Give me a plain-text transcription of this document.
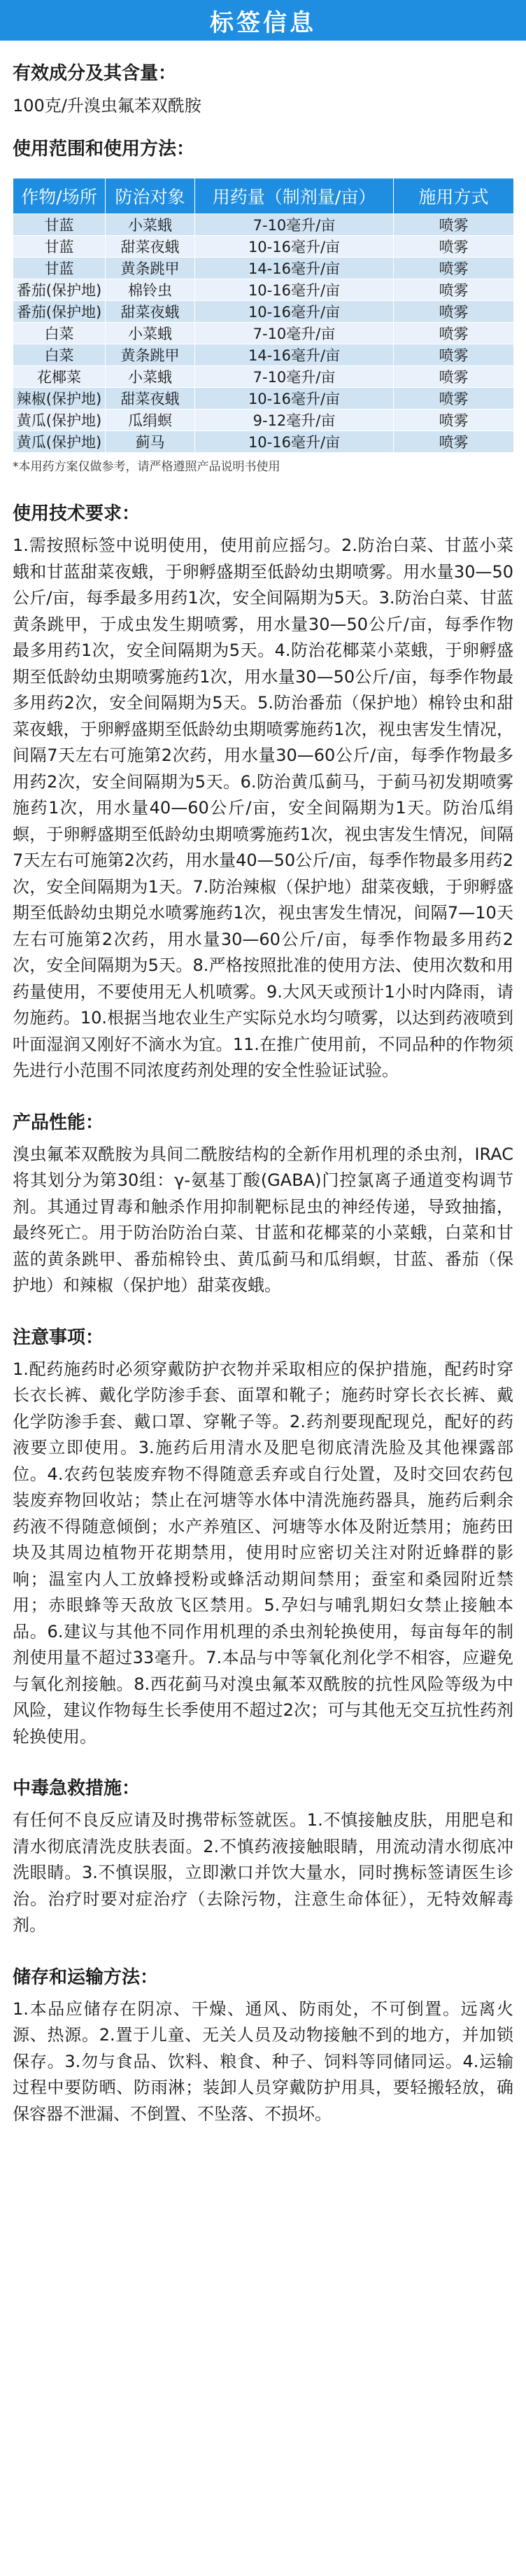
标签信息
有效成分及其含量：
100克/升溴虫氟苯双酰胺
使用范围和使用方法：
作物/场所	防治对象	用药量（制剂量/亩）	施用方式
甘蓝	小菜蛾	7-10毫升/亩	喷雾
甘蓝	甜菜夜蛾	10-16毫升/亩	喷雾
甘蓝	黄条跳甲	14-16毫升/亩	喷雾
番茄(保护地)	棉铃虫	10-16毫升/亩	喷雾
番茄(保护地)	甜菜夜蛾	10-16毫升/亩	喷雾
白菜	小菜蛾	7-10毫升/亩	喷雾
白菜	黄条跳甲	14-16毫升/亩	喷雾
花椰菜	小菜蛾	7-10毫升/亩	喷雾
辣椒(保护地)	甜菜夜蛾	10-16毫升/亩	喷雾
黄瓜(保护地)	瓜绢螟	9-12毫升/亩	喷雾
黄瓜(保护地)	蓟马	10-16毫升/亩	喷雾
*本用药方案仅做参考，请严格遵照产品说明书使用
使用技术要求：

1.需按照标签中说明使用，使用前应摇匀。2.防治白菜、甘蓝小菜蛾和甘蓝甜菜夜蛾，于卵孵盛期至低龄幼虫期喷雾。用水量30—50公斤/亩，每季最多用药1次，安全间隔期为5天。3.防治白菜、甘蓝黄条跳甲，于成虫发生期喷雾，用水量30—50公斤/亩，每季作物最多用药1次，安全间隔期为5天。4.防治花椰菜小菜蛾，于卵孵盛期至低龄幼虫期喷雾施药1次，用水量30—50公斤/亩，每季作物最多用药2次，安全间隔期为5天。5.防治番茄（保护地）棉铃虫和甜菜夜蛾，于卵孵盛期至低龄幼虫期喷雾施药1次，视虫害发生情况，间隔7天左右可施第2次药，用水量30—60公斤/亩，每季作物最多用药2次，安全间隔期为5天。6.防治黄瓜蓟马，于蓟马初发期喷雾施药1次，用水量40—60公斤/亩，安全间隔期为1天。防治瓜绢螟，于卵孵盛期至低龄幼虫期喷雾施药1次，视虫害发生情况，间隔7天左右可施第2次药，用水量40—50公斤/亩，每季作物最多用药2次，安全间隔期为1天。7.防治辣椒（保护地）甜菜夜蛾，于卵孵盛期至低龄幼虫期兑水喷雾施药1次，视虫害发生情况，间隔7—10天左右可施第2次药，用水量30—60公斤/亩，每季作物最多用药2次，安全间隔期为5天。8.严格按照批准的使用方法、使用次数和用药量使用，不要使用无人机喷雾。9.大风天或预计1小时内降雨，请勿施药。10.根据当地农业生产实际兑水均匀喷雾，以达到药液喷到叶面湿润又刚好不滴水为宜。11.在推广使用前，不同品种的作物须先进行小范围不同浓度药剂处理的安全性验证试验。

产品性能：

溴虫氟苯双酰胺为具间二酰胺结构的全新作用机理的杀虫剂，IRAC将其划分为第30组：γ-氨基丁酸(GABA)门控氯离子通道变构调节剂。其通过胃毒和触杀作用抑制靶标昆虫的神经传递，导致抽搐，最终死亡。用于防治防治白菜、甘蓝和花椰菜的小菜蛾，白菜和甘蓝的黄条跳甲、番茄棉铃虫、黄瓜蓟马和瓜绢螟，甘蓝、番茄（保护地）和辣椒（保护地）甜菜夜蛾。

注意事项：

1.配药施药时必须穿戴防护衣物并采取相应的保护措施，配药时穿长衣长裤、戴化学防渗手套、面罩和靴子；施药时穿长衣长裤、戴化学防渗手套、戴口罩、穿靴子等。2.药剂要现配现兑，配好的药液要立即使用。3.施药后用清水及肥皂彻底清洗脸及其他裸露部位。4.农药包装废弃物不得随意丢弃或自行处置，及时交回农药包装废弃物回收站；禁止在河塘等水体中清洗施药器具，施药后剩余药液不得随意倾倒；水产养殖区、河塘等水体及附近禁用；施药田块及其周边植物开花期禁用，使用时应密切关注对附近蜂群的影响；温室内人工放蜂授粉或蜂活动期间禁用；蚕室和桑园附近禁用；赤眼蜂等天敌放飞区禁用。5.孕妇与哺乳期妇女禁止接触本品。6.建议与其他不同作用机理的杀虫剂轮换使用，每亩每年的制剂使用量不超过33毫升。7.本品与中等氧化剂化学不相容，应避免与氧化剂接触。8.西花蓟马对溴虫氟苯双酰胺的抗性风险等级为中风险，建议作物每生长季使用不超过2次；可与其他无交互抗性药剂轮换使用。

中毒急救措施：

有任何不良反应请及时携带标签就医。1.不慎接触皮肤，用肥皂和清水彻底清洗皮肤表面。2.不慎药液接触眼睛，用流动清水彻底冲洗眼睛。3.不慎误服，立即漱口并饮大量水，同时携标签请医生诊治。治疗时要对症治疗（去除污物，注意生命体征），无特效解毒剂。

储存和运输方法：

1.本品应储存在阴凉、干燥、通风、防雨处，不可倒置。远离火源、热源。2.置于儿童、无关人员及动物接触不到的地方，并加锁保存。3.勿与食品、饮料、粮食、种子、饲料等同储同运。4.运输过程中要防晒、防雨淋；装卸人员穿戴防护用具，要轻搬轻放，确保容器不泄漏、不倒置、不坠落、不损坏。
